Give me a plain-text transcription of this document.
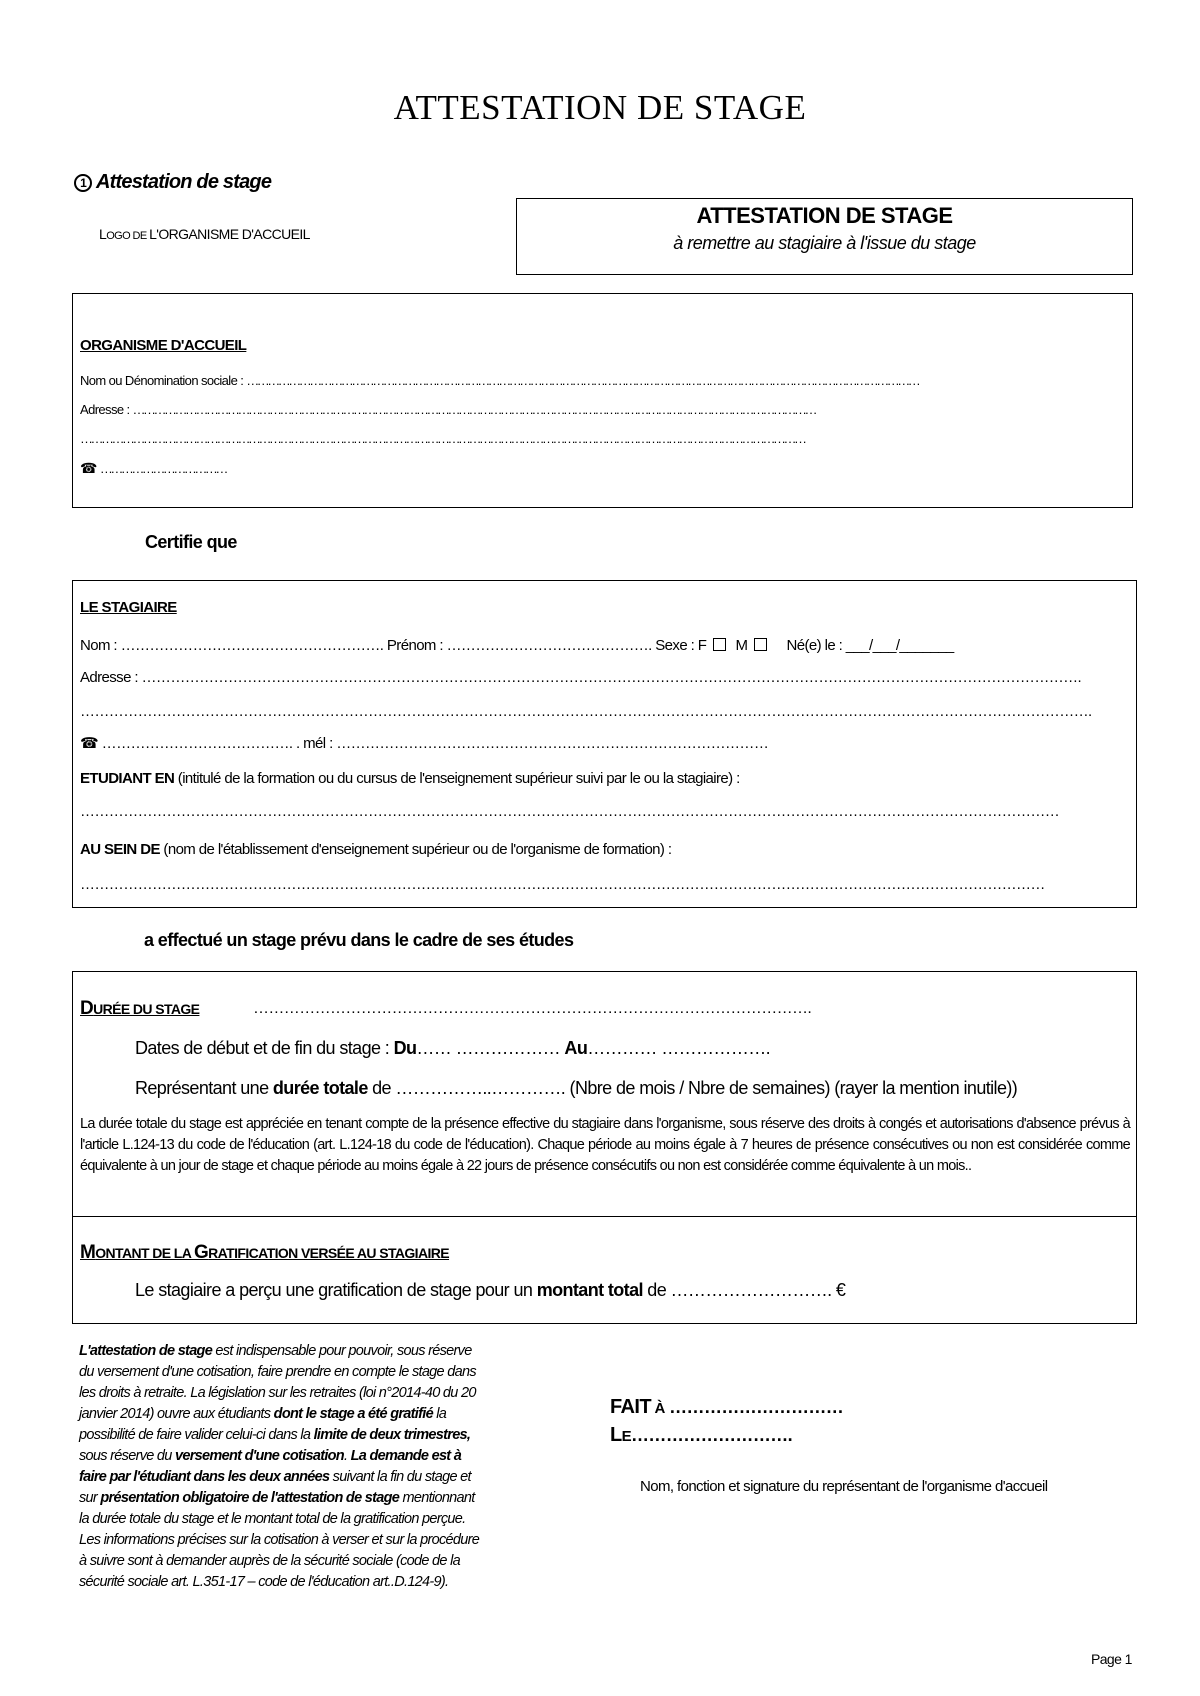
ATTESTATION DE STAGE
1 Attestation de stage
LOGO DE L'ORGANISME D'ACCUEIL
ATTESTATION DE STAGE
à remettre au stagiaire à l'issue du stage
ORGANISME D'ACCUEIL
Nom ou Dénomination sociale : …………………………………………………………………………………………………………………………………………………………………………
Adresse : ……………………………………………………………………………………………………………………………………………………………………………
………………………………………………………………………………………………………………………………………………………………………………………
☎ ………………………………
Certifie que
LE STAGIAIRE
Nom : ………………………………………………. Prénom : ……………………………………. Sexe : F M	Né(e) le : ___/___/_______
Adresse : …………………………………………………………………………………………………………………………………………………………………………….
………………………………………………………………………………………………………………………………………………………………………………………….
☎ …………………………………. . mél : ………………………………………………………………………………
ETUDIANT EN (intitulé de la formation ou du cursus de l'enseignement supérieur suivi par le ou la stagiaire) :
……………………………………………………………………………………………………………………………………………………………………………………
AU SEIN DE (nom de l'établissement d'enseignement supérieur ou de l'organisme de formation) :
…………………………………………………………………………………………………………………………………………………………………………………
a effectué un stage prévu dans le cadre de ses études
DURÉE DU STAGE	……………………………………………………………………………………………….
Dates de début et de fin du stage : Du…… ……………… Au………… ……………….
Représentant une durée totale de ……………..…………. (Nbre de mois / Nbre de semaines) (rayer la mention inutile))
La durée totale du stage est appréciée en tenant compte de la présence effective du stagiaire dans l'organisme, sous réserve des droits à congés et autorisations d'absence prévus à l'article L.124-13 du code de l'éducation (art. L.124-18 du code de l'éducation). Chaque période au moins égale à 7 heures de présence consécutives ou non est considérée comme équivalente à un jour de stage et chaque période au moins égale à 22 jours de présence consécutifs ou non est considérée comme équivalente à un mois..
MONTANT DE LA GRATIFICATION VERSÉE AU STAGIAIRE
Le stagiaire a perçu une gratification de stage pour un montant total de ………………………. €
L'attestation de stage est indispensable pour pouvoir, sous réserve
du versement d'une cotisation, faire prendre en compte le stage dans
les droits à retraite. La législation sur les retraites (loi n°2014-40 du 20
janvier 2014) ouvre aux étudiants dont le stage a été gratifié la
possibilité de faire valider celui-ci dans la limite de deux trimestres,
sous réserve du versement d'une cotisation. La demande est à
faire par l'étudiant dans les deux années suivant la fin du stage et
sur présentation obligatoire de l'attestation de stage mentionnant
la durée totale du stage et le montant total de la gratification perçue.
Les informations précises sur la cotisation à verser et sur la procédure
à suivre sont à demander auprès de la sécurité sociale (code de la
sécurité sociale art. L.351-17 – code de l'éducation art..D.124-9).
FAIT À …………………………
LE……………………….
Nom, fonction et signature du représentant de l'organisme d'accueil
Page 1
